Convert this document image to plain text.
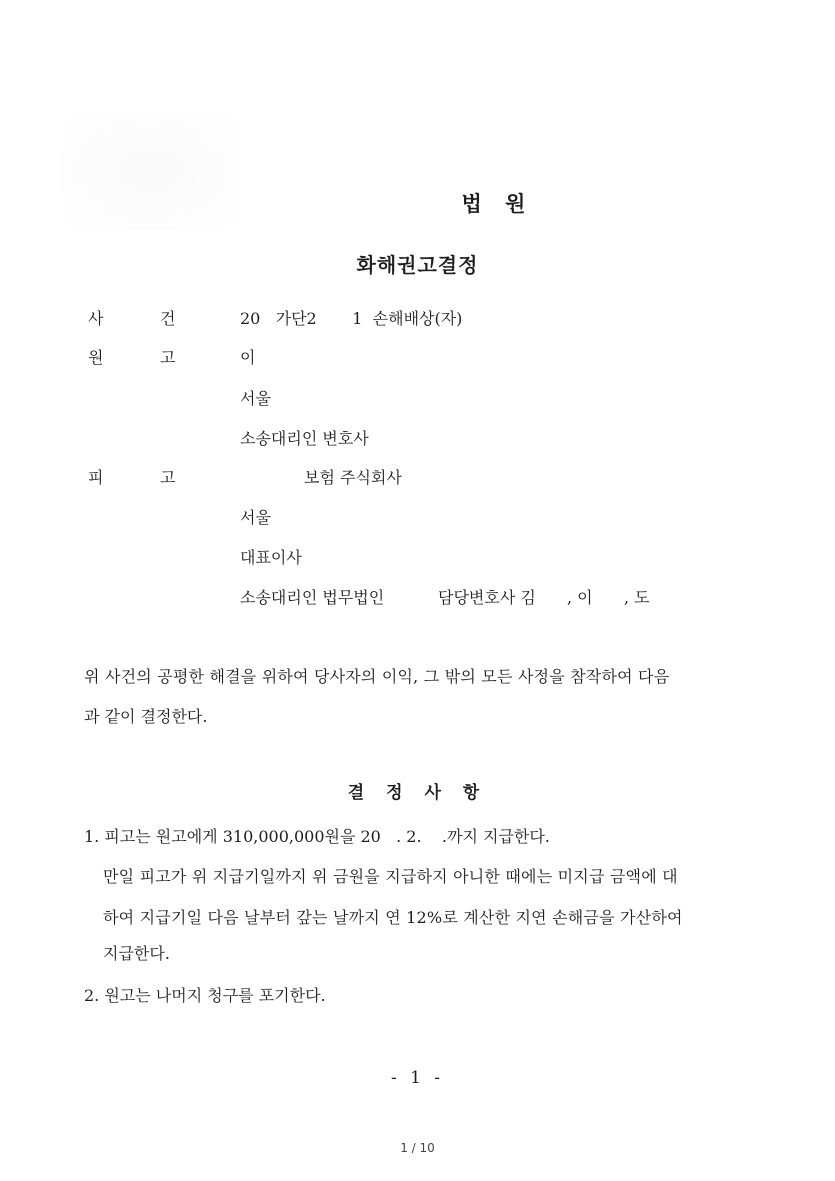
법 원
화해권고결정
사	건	20   가단2       1  손해배상(자)
원	고	이
서울
소송대리인 변호사
피	고	보험 주식회사
서울
대표이사
소송대리인 법무법인	담당변호사 김 , 이 , 도
위 사건의 공평한 해결을 위하여 당사자의 이익, 그 밖의 모든 사정을 참작하여 다음
과 같이 결정한다.
결 정 사 항
1. 피고는 원고에게 310,000,000원을 20   . 2.    .까지 지급한다.
만일 피고가 위 지급기일까지 위 금원을 지급하지 아니한 때에는 미지급 금액에 대
하여 지급기일 다음 날부터 갚는 날까지 연 12%로 계산한 지연 손해금을 가산하여
지급한다.
2. 원고는 나머지 청구를 포기한다.
- 1 -
1 / 10
